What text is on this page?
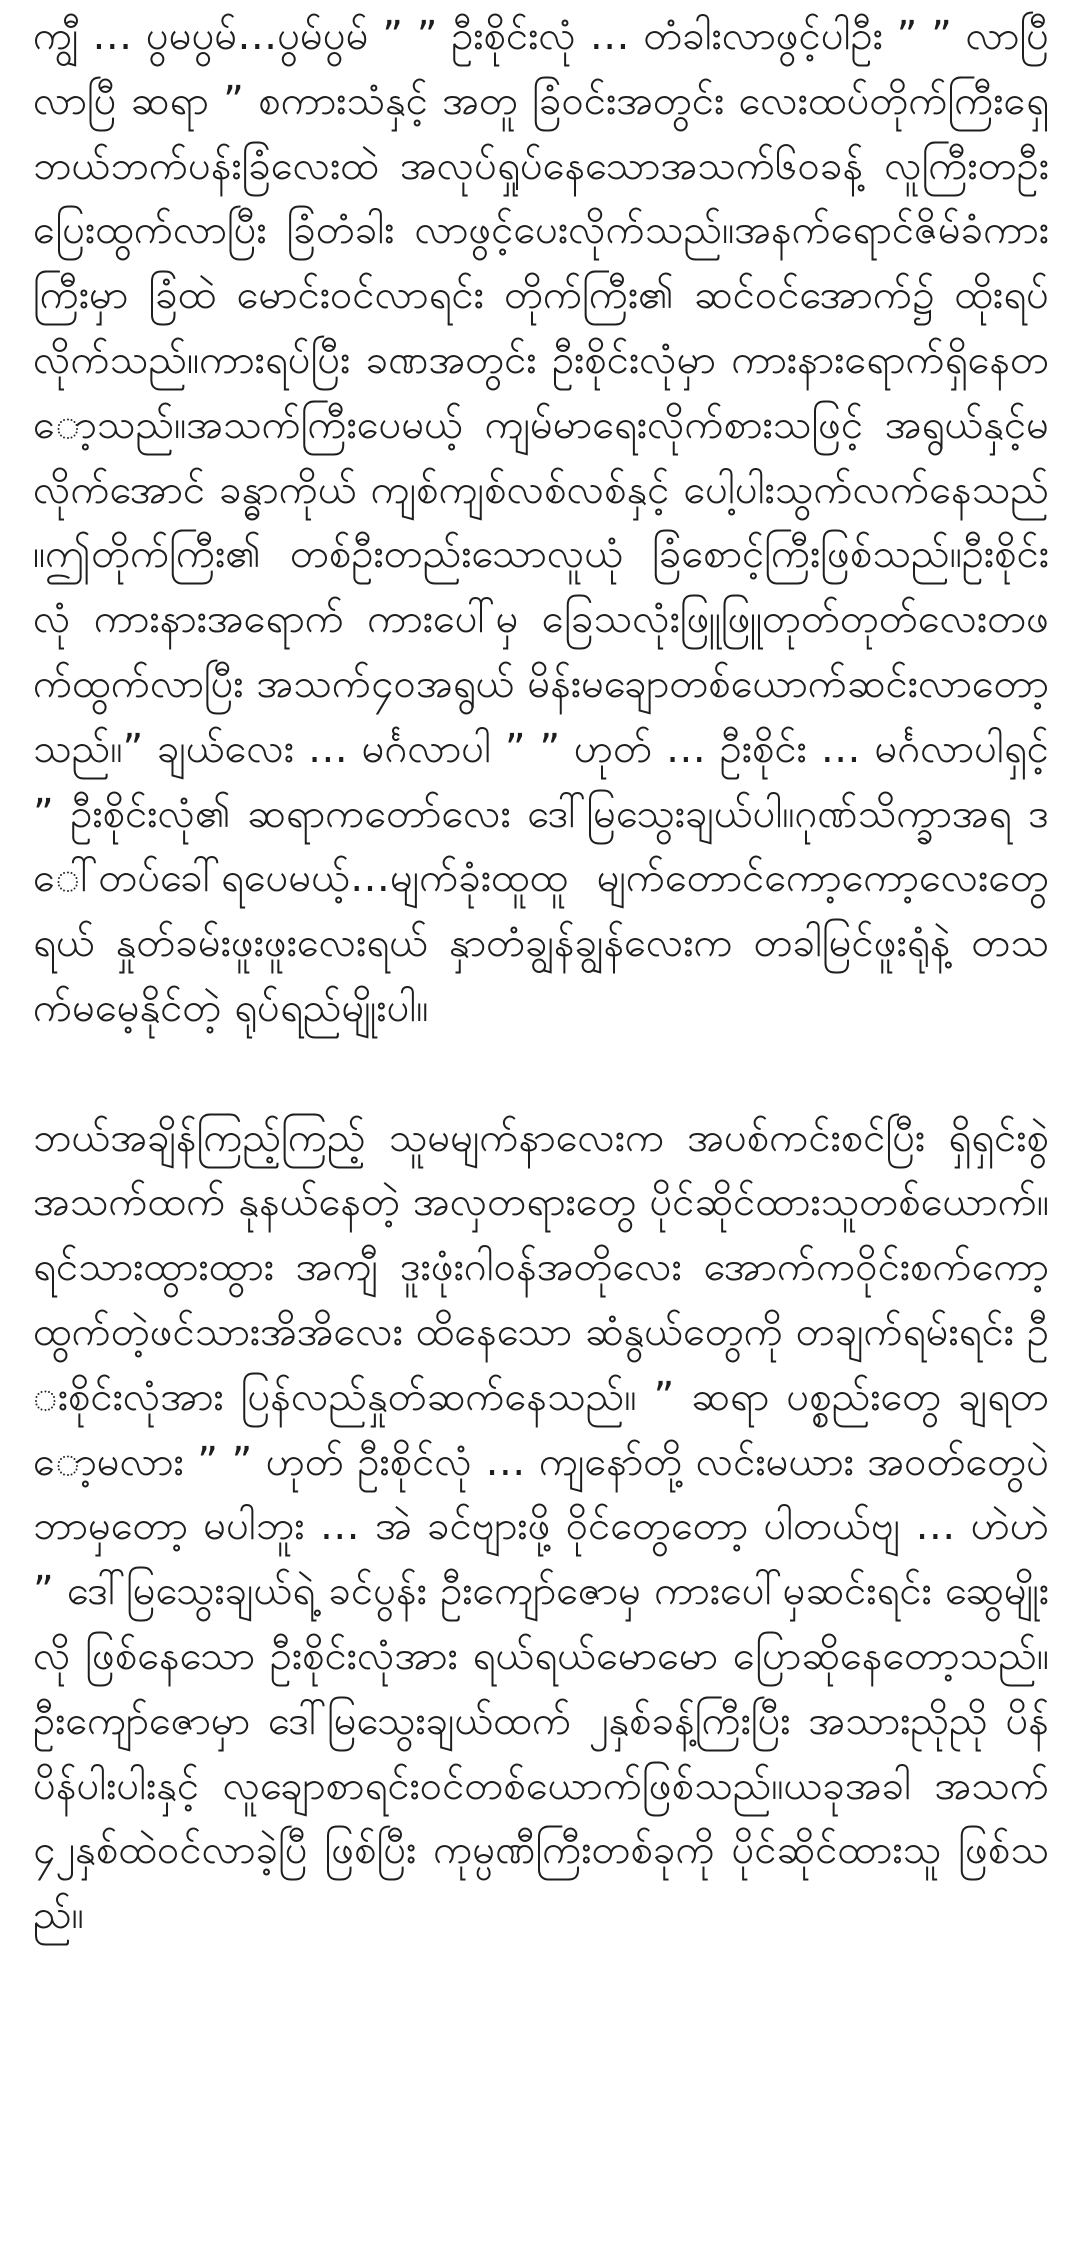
ကျွီ … ပွမပွမ်…ပွမ်ပွမ် ” ” ဦးစိုင်းလုံ … တံခါးလာဖွင့်ပါဦး ” ” လာပြီ လာပြီ ဆရာ ” စကားသံနှင့် အတူ ခြံဝင်းအတွင်း လေးထပ်တိုက်ကြီးရှေ့ဘယ်ဘက်ပန်းခြံလေးထဲ အလုပ်ရှုပ်နေသောအသက်၆၀ခန့် လူကြီးတဦးပြေးထွက်လာပြီး ခြံတံခါး လာဖွင့်ပေးလိုက်သည်။အနက်ရောင်ဇိမ်ခံကားကြီးမှာ ခြံထဲ မောင်းဝင်လာရင်း တိုက်ကြီး၏ ဆင်ဝင်အောက်၌ ထိုးရပ်လိုက်သည်။ကားရပ်ပြီး ခဏအတွင်း ဦးစိုင်းလုံမှာ ကားနားရောက်ရှိနေတော့သည်။အသက်ကြီးပေမယ့် ကျမ်မာရေးလိုက်စားသဖြင့် အရွယ်နှင့်မလိုက်အောင် ခန္ဓာကိုယ် ကျစ်ကျစ်လစ်လစ်နှင့် ပေါ့ပါးသွက်လက်နေသည်။ဤတိုက်ကြီး၏ တစ်ဦးတည်းသောလူယုံ ခြံစောင့်ကြီးဖြစ်သည်။ဦးစိုင်းလုံ ကားနားအရောက် ကားပေါ်မှ ခြေသလုံးဖြူဖြူတုတ်တုတ်လေးတဖက်ထွက်လာပြီး အသက်၄၀အရွယ် မိန်းမချောတစ်ယောက်ဆင်းလာတော့သည်။” ချယ်လေး … မင်္ဂလာပါ ” ” ဟုတ် … ဦးစိုင်း … မင်္ဂလာပါရှင့် ” ဦးစိုင်းလုံ၏ ဆရာကတော်လေး ဒေါ်မြသွေးချယ်ပါ။ဂုဏ်သိက္ခာအရ ဒေါ်တပ်ခေါ်ရပေမယ့်…မျက်ခုံးထူထူ မျက်တောင်ကော့ကော့လေးတွေရယ် နှုတ်ခမ်းဖူးဖူးလေးရယ် နှာတံချွန်ချွန်လေးက တခါမြင်ဖူးရုံနဲ့ တသက်မမေ့နိုင်တဲ့ ရုပ်ရည်မျိုးပါ။

ဘယ်အချိန်ကြည့်ကြည့် သူမမျက်နာလေးက အပစ်ကင်းစင်ပြီး ရှိရှင်းစွဲအသက်ထက် နုနယ်နေတဲ့ အလှတရားတွေ ပိုင်ဆိုင်ထားသူတစ်ယောက်။ရင်သားထွားထွား အကျီ ဒူးဖုံးဂါဝန်အတိုလေး အောက်ကဝိုင်းစက်ကော့ထွက်တဲ့ဖင်သားအိအိလေး ထိနေသော ဆံနွယ်တွေကို တချက်ရမ်းရင်း ဦးစိုင်းလုံအား ပြန်လည်နှုတ်ဆက်နေသည်။ ” ဆရာ ပစ္စည်းတွေ ချရတော့မလား ” ” ဟုတ် ဦးစိုင်လုံ … ကျနော်တို့ လင်းမယား အဝတ်တွေပဲ ဘာမှတော့ မပါဘူး … အဲ ခင်ဗျားဖို့ ဝိုင်တွေတော့ ပါတယ်ဗျ … ဟဲဟဲ ” ဒေါ်မြသွေးချယ်ရဲ့ ခင်ပွန်း ဦးကျော်ဇောမှ ကားပေါ်မှဆင်းရင်း ဆွေမျိုးလို ဖြစ်နေသော ဦးစိုင်းလုံအား ရယ်ရယ်မောမော ပြောဆိုနေတော့သည်။ဦးကျော်ဇောမှာ ဒေါ်မြသွေးချယ်ထက် ၂နှစ်ခန့်ကြီးပြီး အသားညိုညို ပိန်ပိန်ပါးပါးနှင့် လူချောစာရင်းဝင်တစ်ယောက်ဖြစ်သည်။ယခုအခါ အသက်၄၂နှစ်ထဲဝင်လာခဲ့ပြီ ဖြစ်ပြီး ကုမ္ပဏီကြီးတစ်ခုကို ပိုင်ဆိုင်ထားသူ ဖြစ်သည်။
